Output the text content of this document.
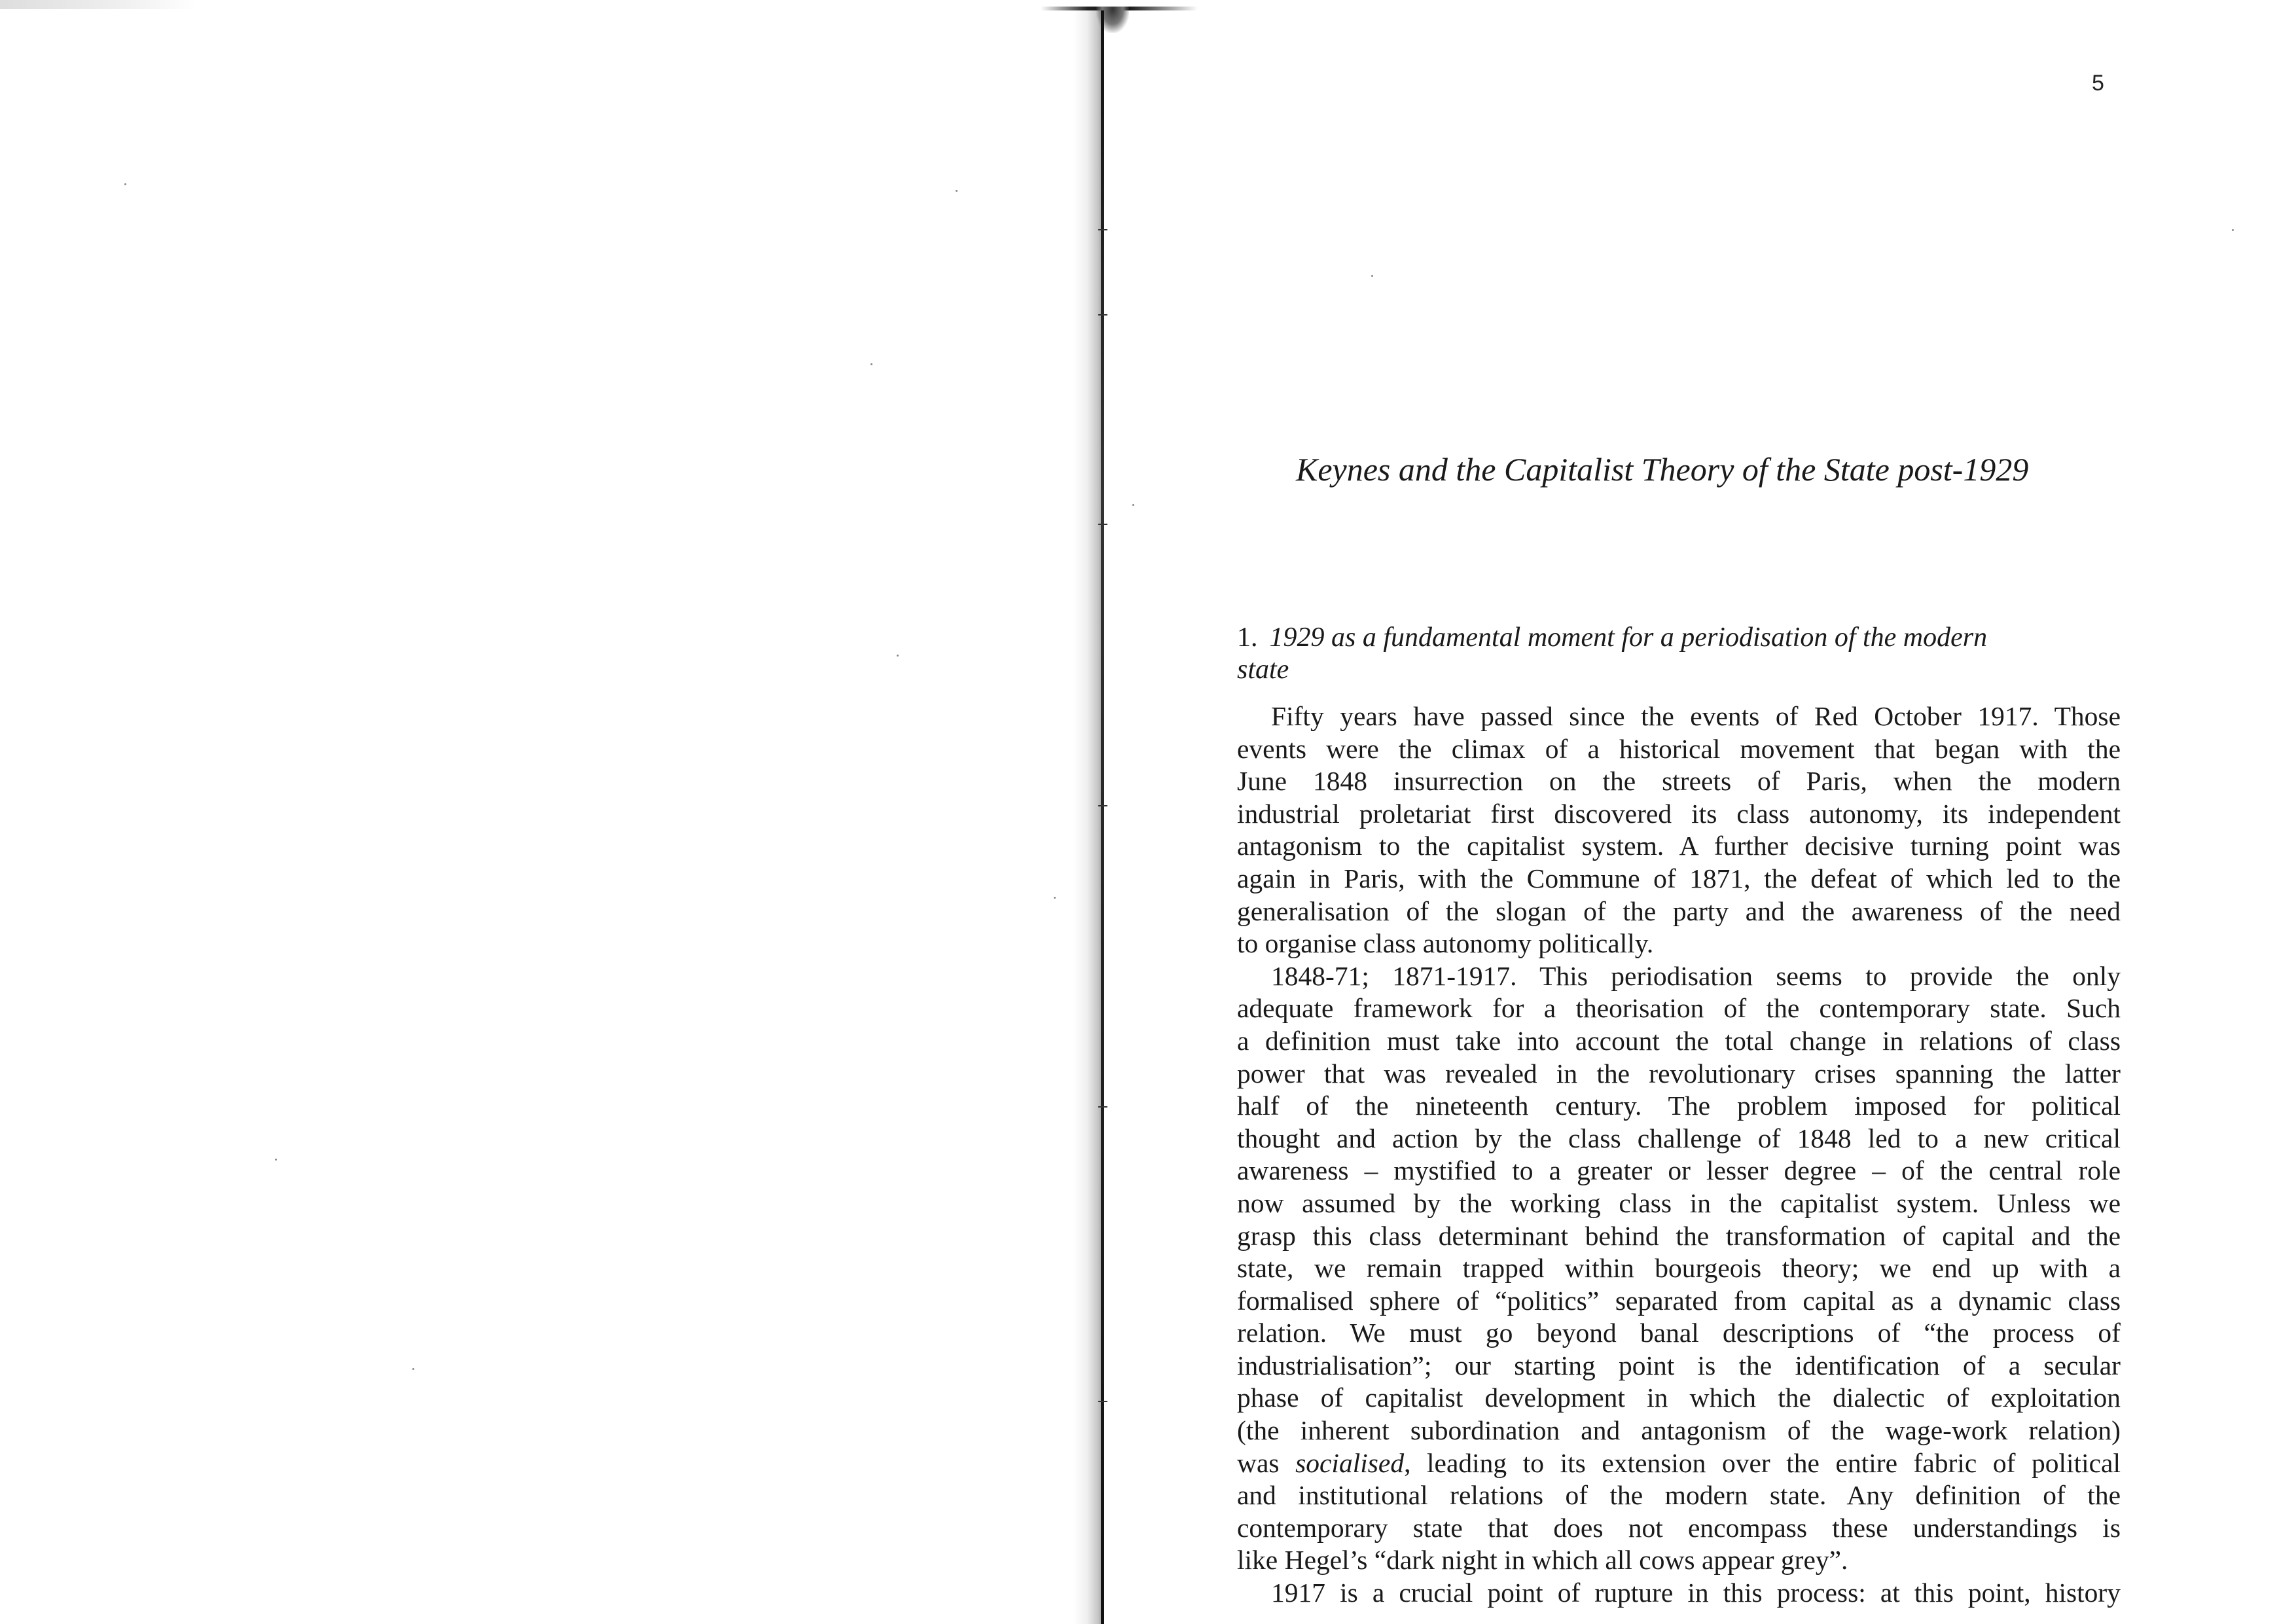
5
Keynes and the Capitalist Theory of the State post-1929
1. 1929 as a fundamental moment for a periodisation of the modern
state
Fifty years have passed since the events of Red October 1917. Those
events were the climax of a historical movement that began with the
June 1848 insurrection on the streets of Paris, when the modern
industrial proletariat first discovered its class autonomy, its independent
antagonism to the capitalist system. A further decisive turning point was
again in Paris, with the Commune of 1871, the defeat of which led to the
generalisation of the slogan of the party and the awareness of the need
to organise class autonomy politically.
1848-71; 1871-1917. This periodisation seems to provide the only
adequate framework for a theorisation of the contemporary state. Such
a definition must take into account the total change in relations of class
power that was revealed in the revolutionary crises spanning the latter
half of the nineteenth century. The problem imposed for political
thought and action by the class challenge of 1848 led to a new critical
awareness – mystified to a greater or lesser degree – of the central role
now assumed by the working class in the capitalist system. Unless we
grasp this class determinant behind the transformation of capital and the
state, we remain trapped within bourgeois theory; we end up with a
formalised sphere of “politics” separated from capital as a dynamic class
relation. We must go beyond banal descriptions of “the process of
industrialisation”; our starting point is the identification of a secular
phase of capitalist development in which the dialectic of exploitation
(the inherent subordination and antagonism of the wage-work relation)
was socialised, leading to its extension over the entire fabric of political
and institutional relations of the modern state. Any definition of the
contemporary state that does not encompass these understandings is
like Hegel’s “dark night in which all cows appear grey”.
1917 is a crucial point of rupture in this process: at this point, history
